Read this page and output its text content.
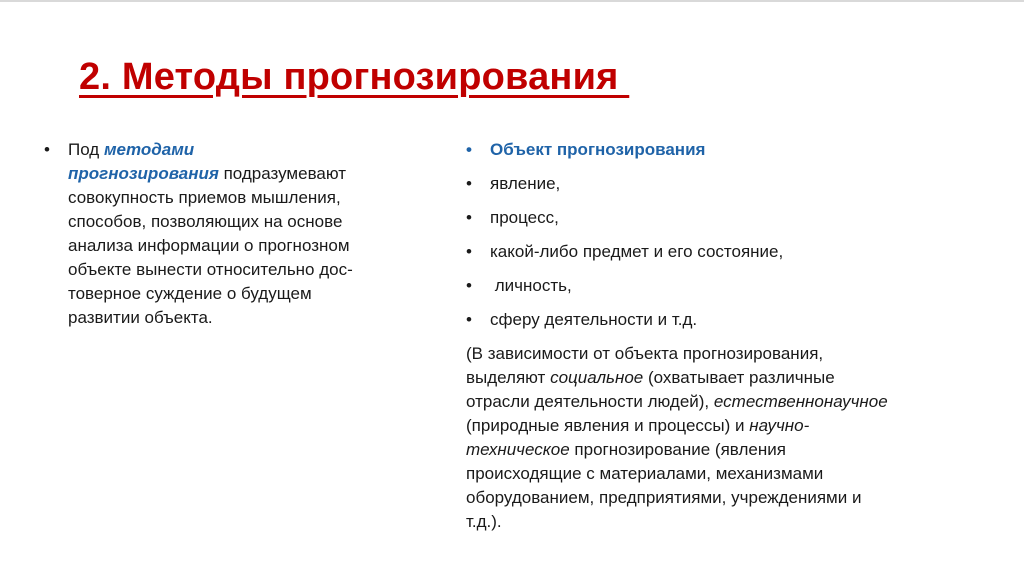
2. Методы прогнозирования
•	Под методами
прогнозирования подразумевают
совокупность приемов мышления,
способов, позволяющих на основе
анализа информации о прогнозном
объекте вынести относительно дос-
товерное суждение о будущем
развитии объекта.
•	Объект прогнозирования
•	явление,
•	процесс,
•	какой-либо предмет и его состояние,
•	личность,
•	сферу деятельности и т.д.
(В зависимости от объекта прогнозирования,
выделяют социальное (охватывает различные
отрасли деятельности людей), естественнонаучное
(природные явления и процессы) и научно-
техническое прогнозирование (явления
происходящие с материалами, механизмами
оборудованием, предприятиями, учреждениями и
т.д.).
